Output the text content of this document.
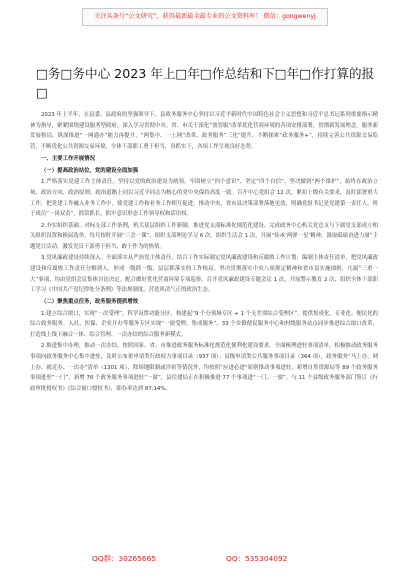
关注头条号“公文研究”，获得最新最全最专业的公文资料库！ 微信：gongwenyj
□务□务中心 2023 年上□年□作总结和下□年□作打算的报□

2023 年上半年，在县委、县政府的坚强领导下，县政务服务中心坚持以习近平新时代中国特色社会主义思想和习近平总书记系列重要指示精神为指导，紧紧围绕建设服务型政府，深入学习贯彻中央、省、市关于深化“放管服”改革优化营商环境的各项安排部署，贯彻新发展理念，服务新发展格局，纵深推进“一网通办”能力再提升，“两集中、一上网”改革、政务服务“三化”提升，不断探索“政务服务+”，持续完善公共资源交易监管，不断优化公共资源交易环境，全体干部职工勇于担当，真抓实干，各项工作呈现良好态势。

一、主要工作开展情况

（一）提高政治站位，党的建设全面加强

1.严格落实党建工作主体责任。坚持以党的政治建设为统领，牢固树立“四个意识”、坚定“四个自信”、坚决做到“两个维护”，始终在政治立场、政治方向、政治原则、政治道路上同以习近平同志为核心的党中央保持高度一致。召开中心党组会 12 次，紧扣上级有关要求，及时部署重大工作，把党建工作融入业务工作中，使党建工作和业务工作相互促进，推动中央、省市县决策部署落地见效，明确党组书记是党建第一责任人，班子成员“一岗双责”，抓常抓长，抓牢意识形态工作领导权和话语权。

2.夯实组织基础。对标支部工作条例，机关基层组织工作新制，推进党支部标准化规范化建设、完成政务中心机关党总支与下属党支部成立相关组织设置和换届选举，每月按时开展“三会一课”，组织支部理论学习 6 次，组织生活会 1 次，开展“传承‘两弹一星’精神，汲取砥砺奋进力量”主题党日活动，激发党员干部勇于担当、敢于作为的热情。

3.党风廉政建设持续深入。全面落实从严治党主体责任，结合工作实际制定党风廉政建设和反腐败工作计划，编制主体责任清单，把党风廉政建设和反腐败工作责任分解到人，形成一级抓一级、层层抓落实的工作格局。坚决贯彻落实中央八项规定精神和省市县实施细则，凡属“三重一大”事项，均由党组会议集体讨论决定。配合做好优化营商环境专项巡察，召开党风廉政建设专题会议 1 次，开展警示教育 2 次，组织全体干部职工学习《中国共产党纪律处分条例》等法规制度，营造风清气正的政治生态。

（二）聚焦重点任务，政务服务提质增效

1.建立综合窗口，实现“一次受理”。科学设置功能分区，构建起“9 个分领域专区 + 1 个无差别综合受理区”，提供集成化、专业化、便民化的综合政务服务。入社、医保、企业开办等服务专区实现“一窗受理、集成服务”，33 个乡镇便民服务中心和村级服务站点同步推进综合窗口改革，打造线上线下融合一体、综合管理、一次办结的综合服务新模式。

2.推进集中办理，推动一次办结。按照国家、省、市推进政务服务标准化规范化便利化建设要求，全面梳理进驻事项清单，积极推动政务服务事项向政务服务中心集中进驻，及时公布依申请类行政权力事项目录（937 项）、县级申请类公共服务事项目录（364 项），政务服务“马上办、网上办、就近办、一次办”清单（1301 项），除场地限制或涉密等情况外，均按照“应进必进”原则推动事项进驻，新增自然资源局等 89 个政务服务事项进驻“一门”，新增 76 个政务服务事项进驻“一窗”，县住建局正在积极推进 77 个事项进“一门、一窗”，与 11 个县级政务服务部门签订《行政审批授权书》《综合窗口授权书》，即办率达到 87.14%。

QQ群：30265665	QQ：535304092
